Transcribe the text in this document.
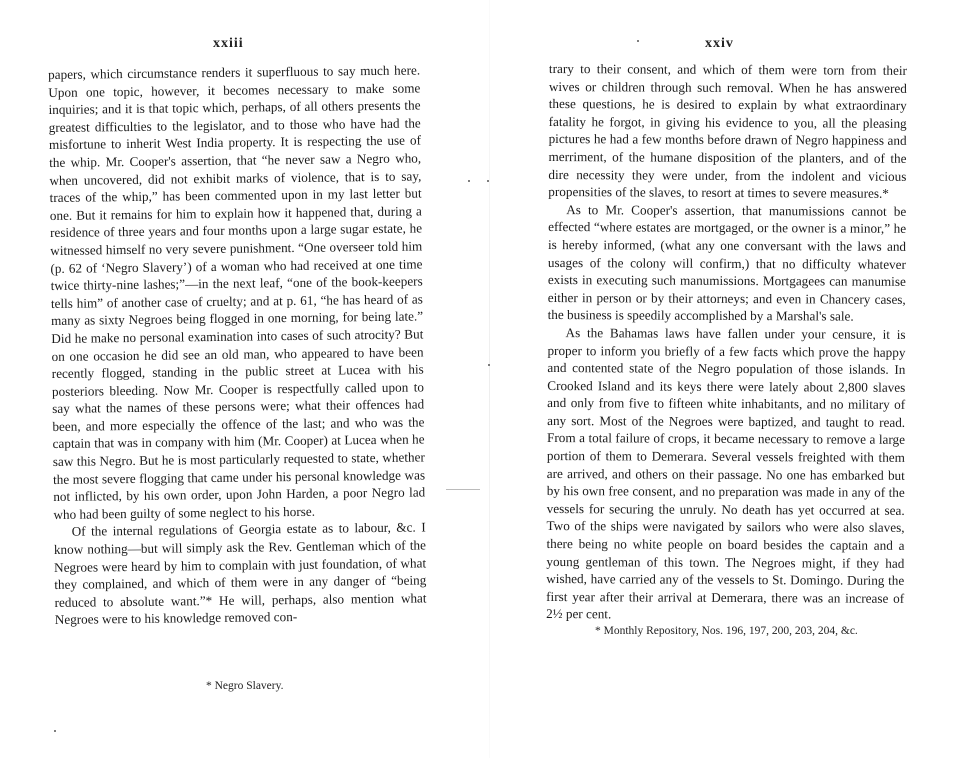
xxiii

papers, which circumstance renders it superfluous to say much here. Upon one topic, however, it becomes necessary to make some inquiries; and it is that topic which, perhaps, of all others presents the greatest difficulties to the legislator, and to those who have had the misfortune to inherit West India property. It is respecting the use of the whip. Mr. Cooper's assertion, that “he never saw a Negro who, when uncovered, did not exhibit marks of violence, that is to say, traces of the whip,” has been commented upon in my last letter but one. But it remains for him to explain how it happened that, during a residence of three years and four months upon a large sugar estate, he witnessed himself no very severe punishment. “One overseer told him (p. 62 of ‘Negro Slavery’) of a woman who had received at one time twice thirty-nine lashes;”—in the next leaf, “one of the book-keepers tells him” of another case of cruelty; and at p. 61, “he has heard of as many as sixty Negroes being flogged in one morning, for being late.” Did he make no personal examination into cases of such atrocity? But on one occasion he did see an old man, who appeared to have been recently flogged, standing in the public street at Lucea with his posteriors bleeding. Now Mr. Cooper is respectfully called upon to say what the names of these persons were; what their offences had been, and more especially the offence of the last; and who was the captain that was in company with him (Mr. Cooper) at Lucea when he saw this Negro. But he is most particularly requested to state, whether the most severe flogging that came under his personal knowledge was not inflicted, by his own order, upon John Harden, a poor Negro lad who had been guilty of some neglect to his horse.

Of the internal regulations of Georgia estate as to labour, &c. I know nothing—but will simply ask the Rev. Gentleman which of the Negroes were heard by him to complain with just foundation, of what they complained, and which of them were in any danger of “being reduced to absolute want.”* He will, perhaps, also mention what Negroes were to his knowledge removed con-

* Negro Slavery.
xxiv

trary to their consent, and which of them were torn from their wives or children through such removal. When he has answered these questions, he is desired to explain by what extraordinary fatality he forgot, in giving his evidence to you, all the pleasing pictures he had a few months before drawn of Negro happiness and merriment, of the humane disposition of the planters, and of the dire necessity they were under, from the indolent and vicious propensities of the slaves, to resort at times to severe measures.*

As to Mr. Cooper's assertion, that manumissions cannot be effected “where estates are mortgaged, or the owner is a minor,” he is hereby informed, (what any one conversant with the laws and usages of the colony will confirm,) that no difficulty whatever exists in executing such manumissions. Mortgagees can manumise either in person or by their attorneys; and even in Chancery cases, the business is speedily accomplished by a Marshal's sale.

As the Bahamas laws have fallen under your censure, it is proper to inform you briefly of a few facts which prove the happy and contented state of the Negro population of those islands. In Crooked Island and its keys there were lately about 2,800 slaves and only from five to fifteen white inhabitants, and no military of any sort. Most of the Negroes were baptized, and taught to read. From a total failure of crops, it became necessary to remove a large portion of them to Demerara. Several vessels freighted with them are arrived, and others on their passage. No one has embarked but by his own free consent, and no preparation was made in any of the vessels for securing the unruly. No death has yet occurred at sea. Two of the ships were navigated by sailors who were also slaves, there being no white people on board besides the captain and a young gentleman of this town. The Negroes might, if they had wished, have carried any of the vessels to St. Domingo. During the first year after their arrival at Demerara, there was an increase of 2½ per cent.

* Monthly Repository, Nos. 196, 197, 200, 203, 204, &c.
